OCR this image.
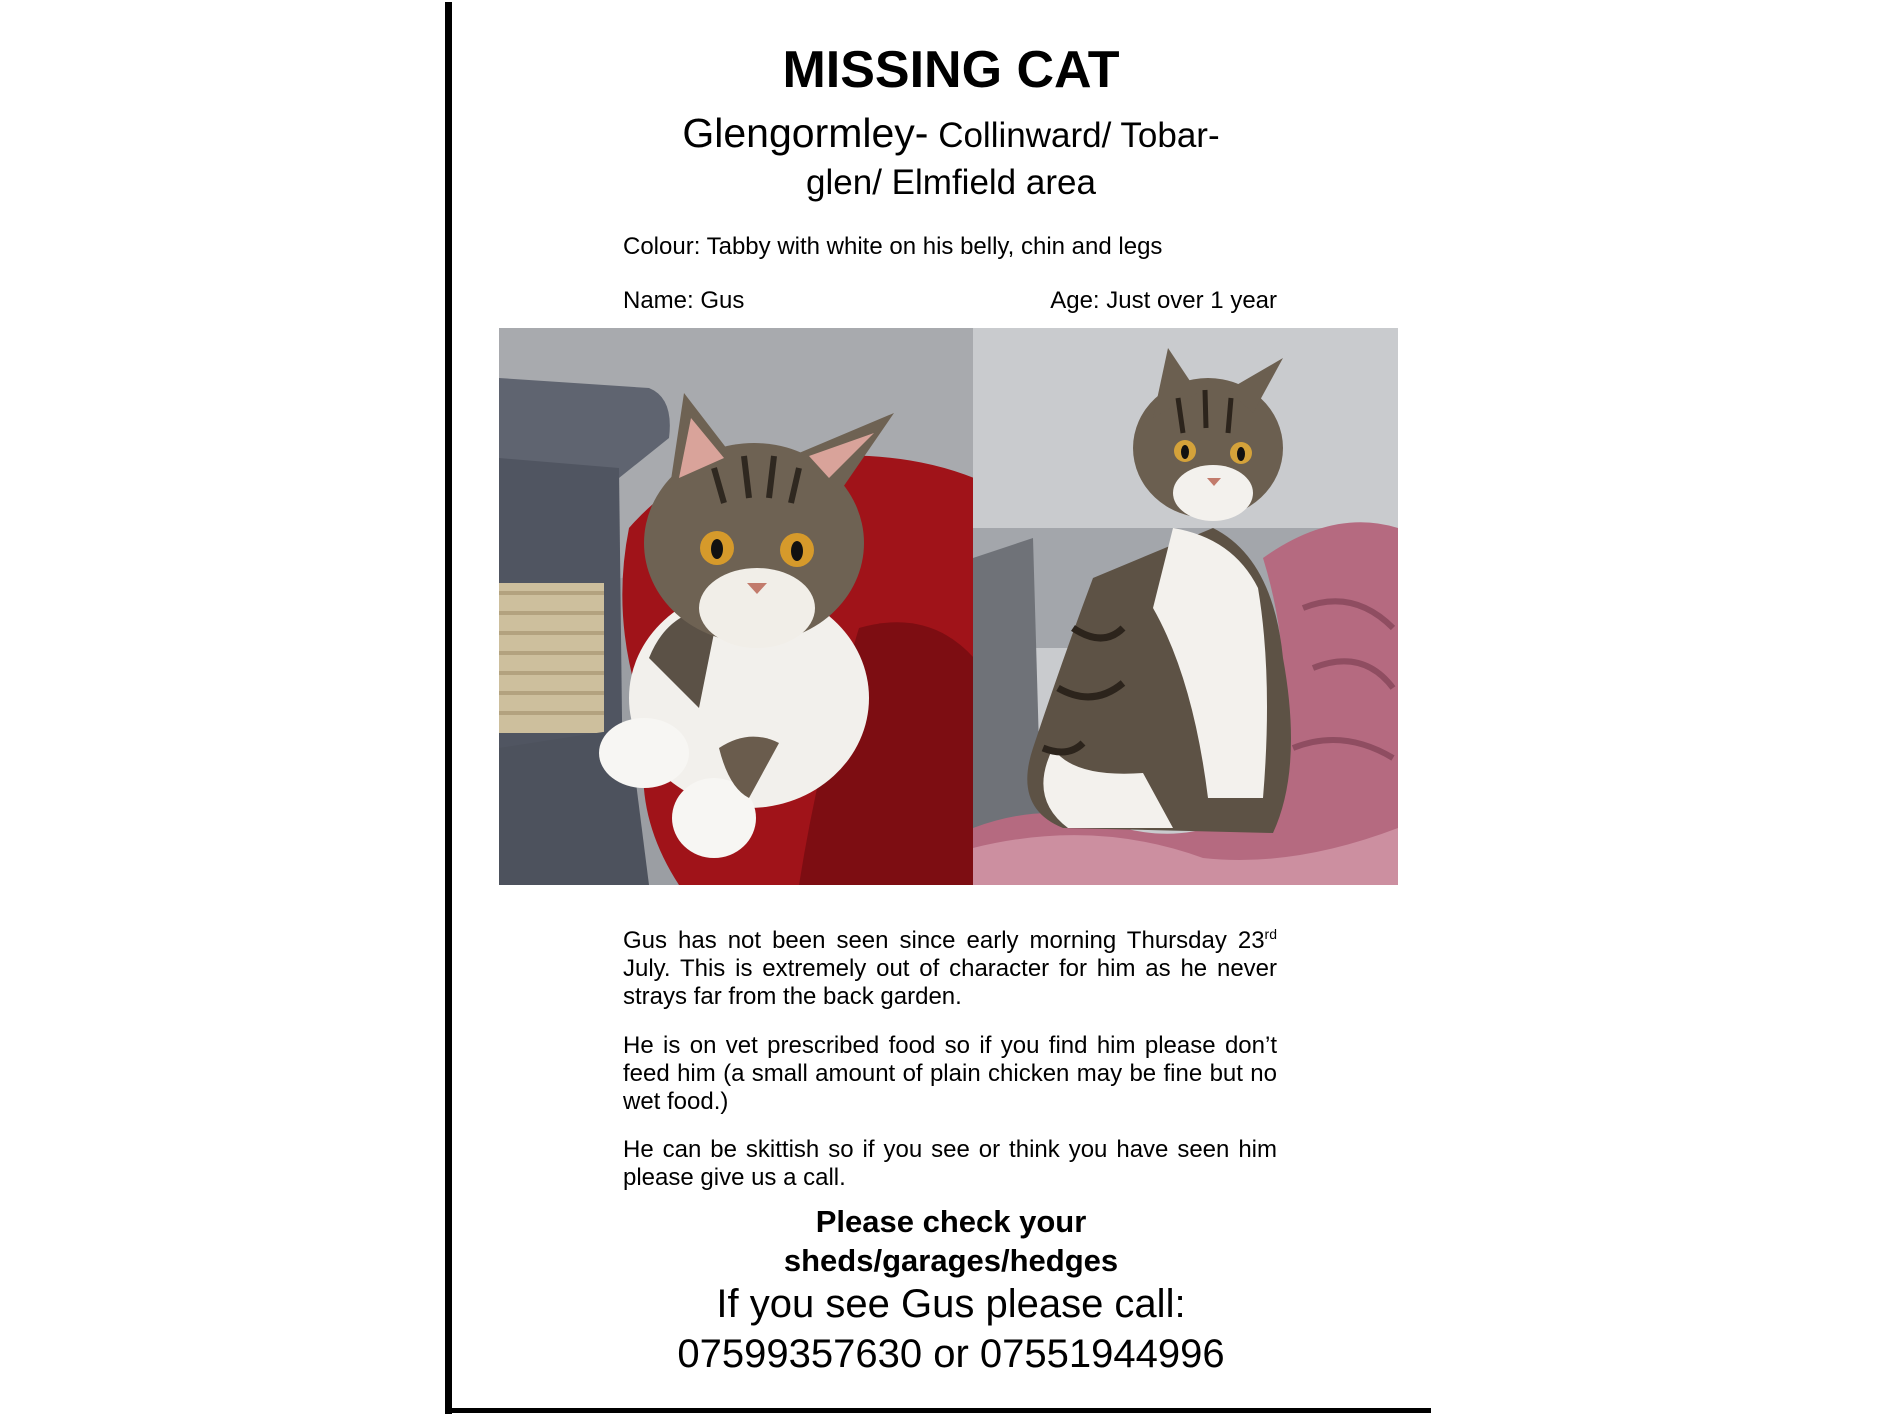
MISSING CAT
Glengormley- Collinward/ Tobar-
glen/ Elmfield area
Colour: Tabby with white on his belly, chin and legs
Name: Gus	Age: Just over 1 year
Gus has not been seen since early morning Thursday 23rd July. This is extremely out of character for him as he never strays far from the back garden.
He is on vet prescribed food so if you find him please don’t feed him (a small amount of plain chicken may be fine but no wet food.)
He can be skittish so if you see or think you have seen him please give us a call.
Please check your
sheds/garages/hedges
If you see Gus please call:
07599357630 or 07551944996
